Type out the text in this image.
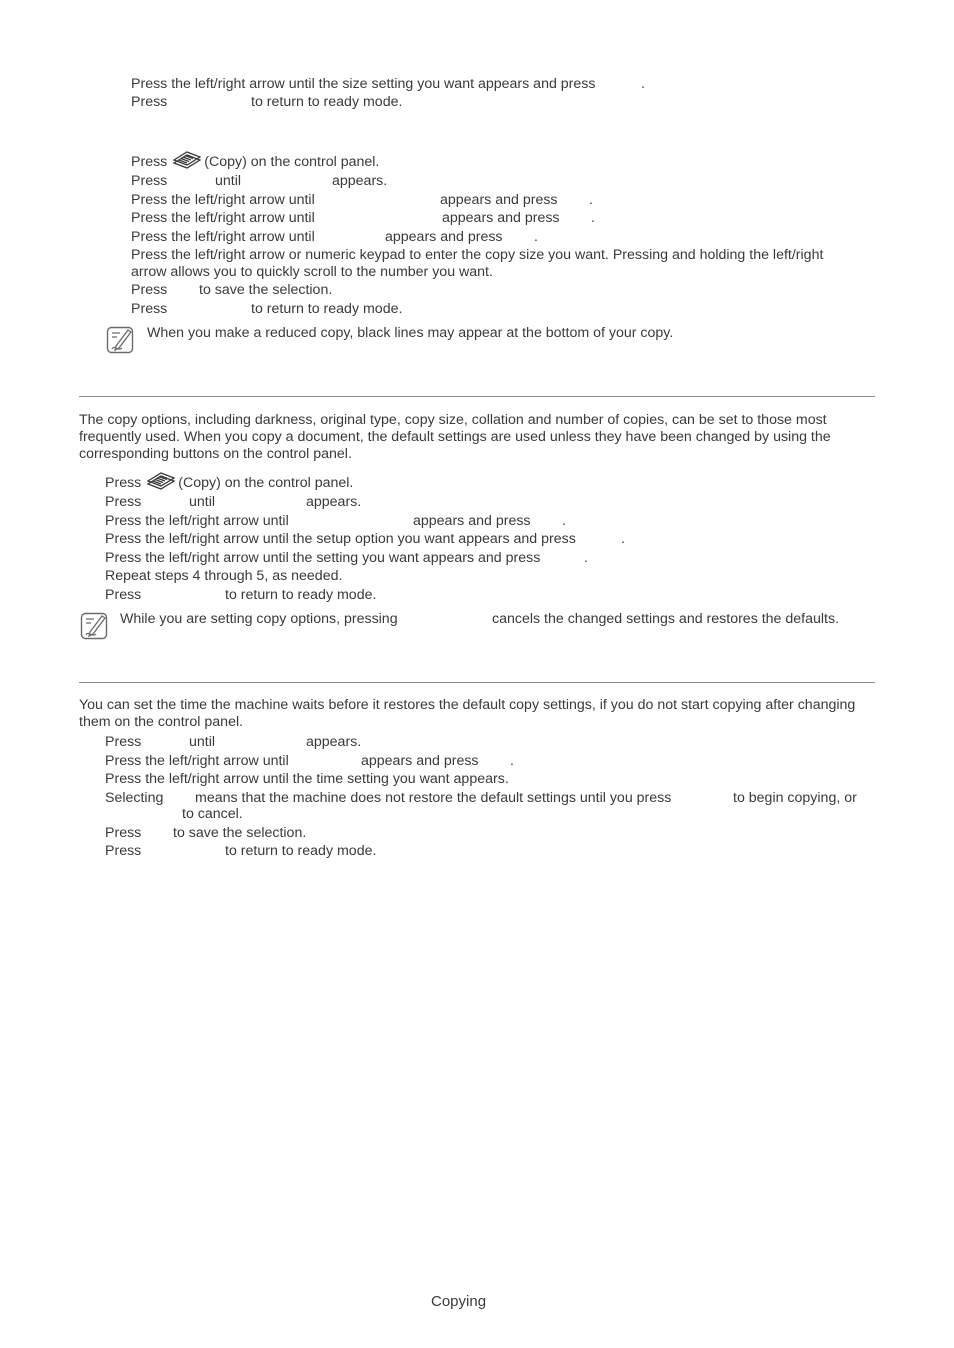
Press the left/right arrow until the size setting you want appears and press	.
Press	to return to ready mode.
Press	(Copy) on the control panel.
Press	until	appears.
Press the left/right arrow until	appears and press .
Press the left/right arrow until	appears and press .
Press the left/right arrow until	appears and press .
Press the left/right arrow or numeric keypad to enter the copy size you want. Pressing and holding the left/right arrow allows you to quickly scroll to the number you want.
Press to save the selection.
Press	to return to ready mode.
When you make a reduced copy, black lines may appear at the bottom of your copy.
The copy options, including darkness, original type, copy size, collation and number of copies, can be set to those most frequently used. When you copy a document, the default settings are used unless they have been changed by using the corresponding buttons on the control panel.
Press	(Copy) on the control panel.
Press	until	appears.
Press the left/right arrow until	appears and press .
Press the left/right arrow until the setup option you want appears and press	.
Press the left/right arrow until the setting you want appears and press	.
Repeat steps 4 through 5, as needed.
Press	to return to ready mode.
While you are setting copy options, pressing	cancels the changed settings and restores the defaults.
You can set the time the machine waits before it restores the default copy settings, if you do not start copying after changing them on the control panel.
Press	until	appears.
Press the left/right arrow until	appears and press .
Press the left/right arrow until the time setting you want appears.
Selecting means that the machine does not restore the default settings until you press	to begin copying, or
to cancel.
Press to save the selection.
Press	to return to ready mode.
Copying
